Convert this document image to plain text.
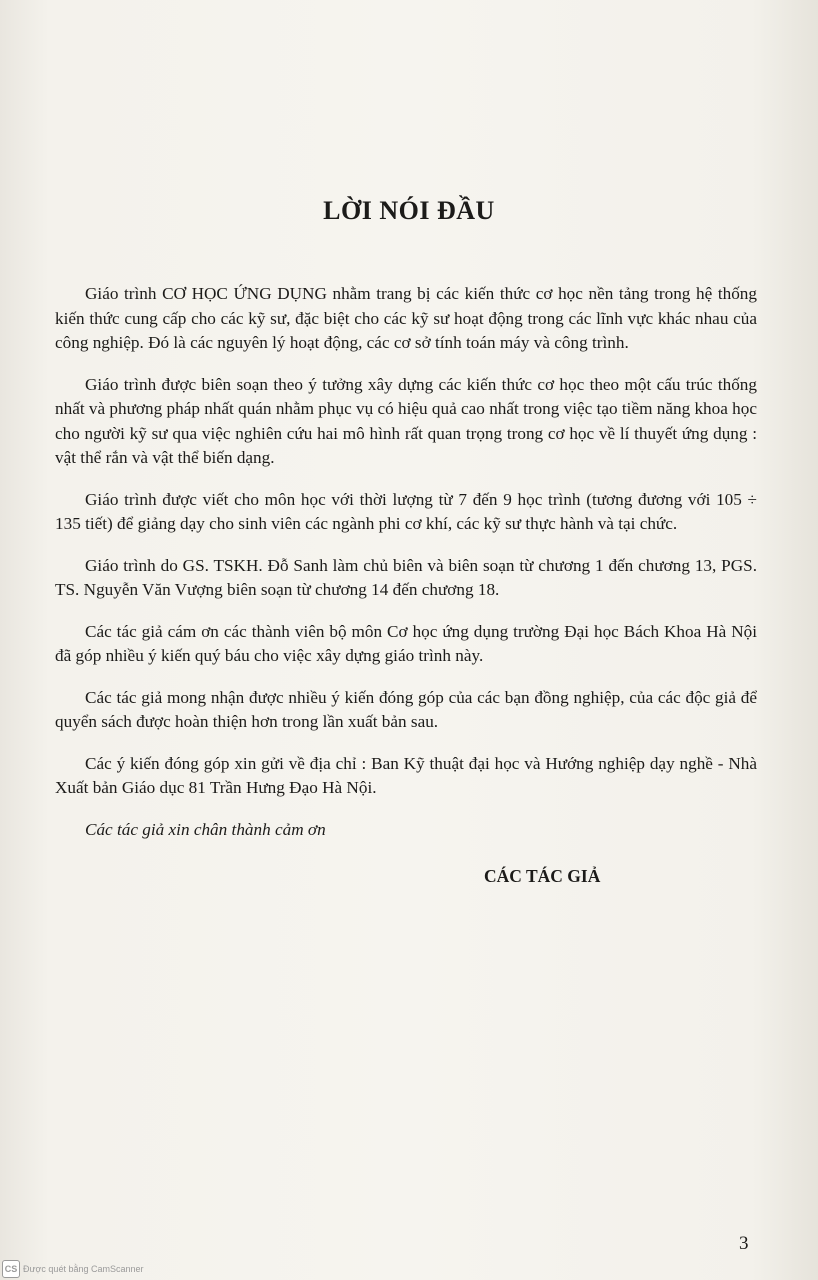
LỜI NÓI ĐẦU

Giáo trình CƠ HỌC ỨNG DỤNG nhằm trang bị các kiến thức cơ học nền tảng trong hệ thống kiến thức cung cấp cho các kỹ sư, đặc biệt cho các kỹ sư hoạt động trong các lĩnh vực khác nhau của công nghiệp. Đó là các nguyên lý hoạt động, các cơ sở tính toán máy và công trình.

Giáo trình được biên soạn theo ý tưởng xây dựng các kiến thức cơ học theo một cấu trúc thống nhất và phương pháp nhất quán nhằm phục vụ có hiệu quả cao nhất trong việc tạo tiềm năng khoa học cho người kỹ sư qua việc nghiên cứu hai mô hình rất quan trọng trong cơ học về lí thuyết ứng dụng : vật thể rắn và vật thể biến dạng.

Giáo trình được viết cho môn học với thời lượng từ 7 đến 9 học trình (tương đương với 105 ÷ 135 tiết) để giảng dạy cho sinh viên các ngành phi cơ khí, các kỹ sư thực hành và tại chức.

Giáo trình do GS. TSKH. Đỗ Sanh làm chủ biên và biên soạn từ chương 1 đến chương 13, PGS. TS. Nguyễn Văn Vượng biên soạn từ chương 14 đến chương 18.

Các tác giả cám ơn các thành viên bộ môn Cơ học ứng dụng trường Đại học Bách Khoa Hà Nội đã góp nhiều ý kiến quý báu cho việc xây dựng giáo trình này.

Các tác giả mong nhận được nhiều ý kiến đóng góp của các bạn đồng nghiệp, của các độc giả để quyển sách được hoàn thiện hơn trong lần xuất bản sau.

Các ý kiến đóng góp xin gửi về địa chỉ : Ban Kỹ thuật đại học và Hướng nghiệp dạy nghề - Nhà Xuất bản Giáo dục 81 Trần Hưng Đạo Hà Nội.

Các tác giả xin chân thành cảm ơn

CÁC TÁC GIẢ

3
CS Được quét bằng CamScanner
